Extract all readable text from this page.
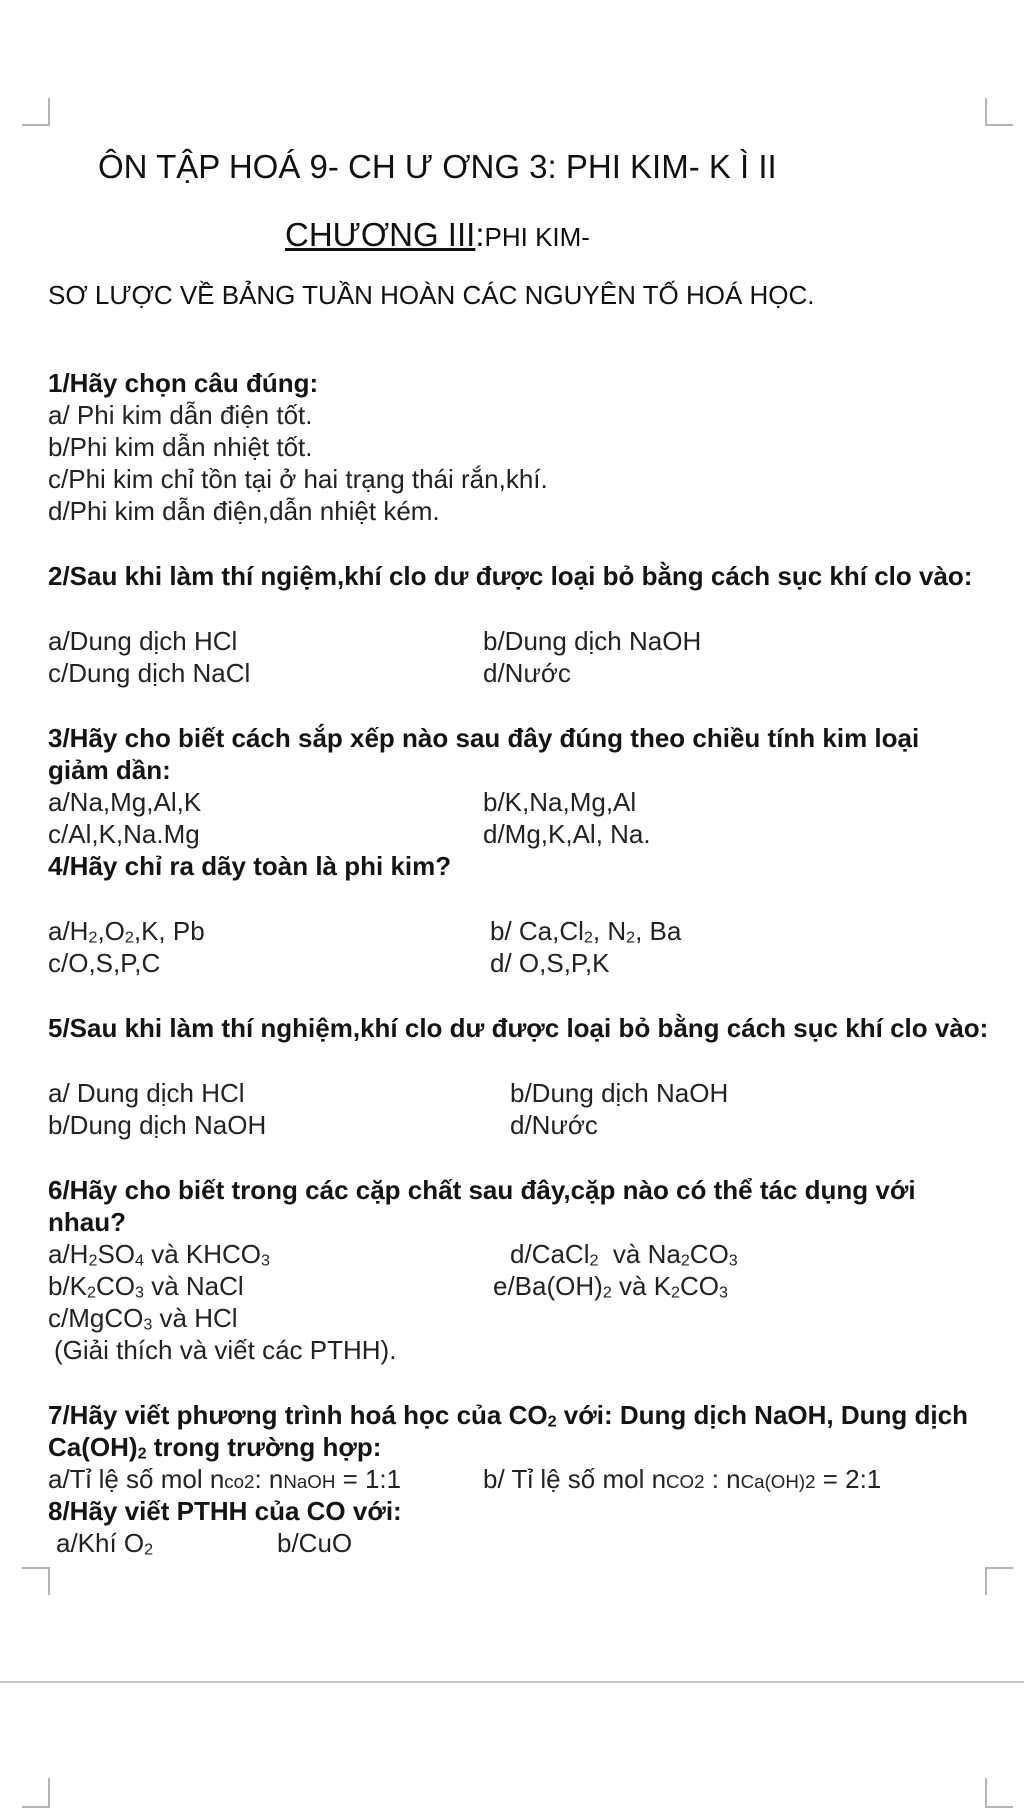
ÔN TẬP HOÁ 9- CH Ư ƠNG 3: PHI KIM- K Ì II
CHƯƠNG III:PHI KIM-
SƠ LƯỢC VỀ BẢNG TUẦN HOÀN CÁC NGUYÊN TỐ HOÁ HỌC.
1/Hãy chọn câu đúng:
a/ Phi kim dẫn điện tốt.
b/Phi kim dẫn nhiệt tốt.
c/Phi kim chỉ tồn tại ở hai trạng thái rắn,khí.
d/Phi kim dẫn điện,dẫn nhiệt kém.
2/Sau khi làm thí ngiệm,khí clo dư được loại bỏ bằng cách sục khí clo vào:
a/Dung dịch HCl	b/Dung dịch NaOH
c/Dung dịch NaCl	d/Nước
3/Hãy cho biết cách sắp xếp nào sau đây đúng theo chiều tính kim loại
giảm dần:
a/Na,Mg,Al,K	b/K,Na,Mg,Al
c/Al,K,Na.Mg	d/Mg,K,Al, Na.
4/Hãy chỉ ra dãy toàn là phi kim?
$a/H_2,O_2,K$, Pb	b/ $Ca,Cl_2$, $N_2$, Ba
c/O,S,P,C	d/ O,S,P,K
5/Sau khi làm thí nghiệm,khí clo dư được loại bỏ bằng cách sục khí clo vào:
a/ Dung dịch HCl	b/Dung dịch NaOH
b/Dung dịch NaOH	d/Nước
6/Hãy cho biết trong các cặp chất sau đây,cặp nào có thể tác dụng với
nhau?
$a/H_2SO_4$ và $KHCO_3$	d/CaCl$_2$  và $Na_2CO_3$
$b/K_2CO_3$ và NaCl	$e/Ba(OH)_2$ và $K_2CO_3$
c/MgCO$_3$ và HCl
(Giải thích và viết các PTHH).
7/Hãy viết phương trình hoá học của $CO_2$ với: Dung dịch NaOH, Dung dịch
$Ca(OH)_2$ trong trường hợp:
a/Tỉ lệ số mol nco2: nNaOH = 1:1	b/ Tỉ lệ số mol nCO2 : nCa(OH)2 = 2:1
8/Hãy viết PTHH của CO với:
a/Khí $O_2$	b/CuO
